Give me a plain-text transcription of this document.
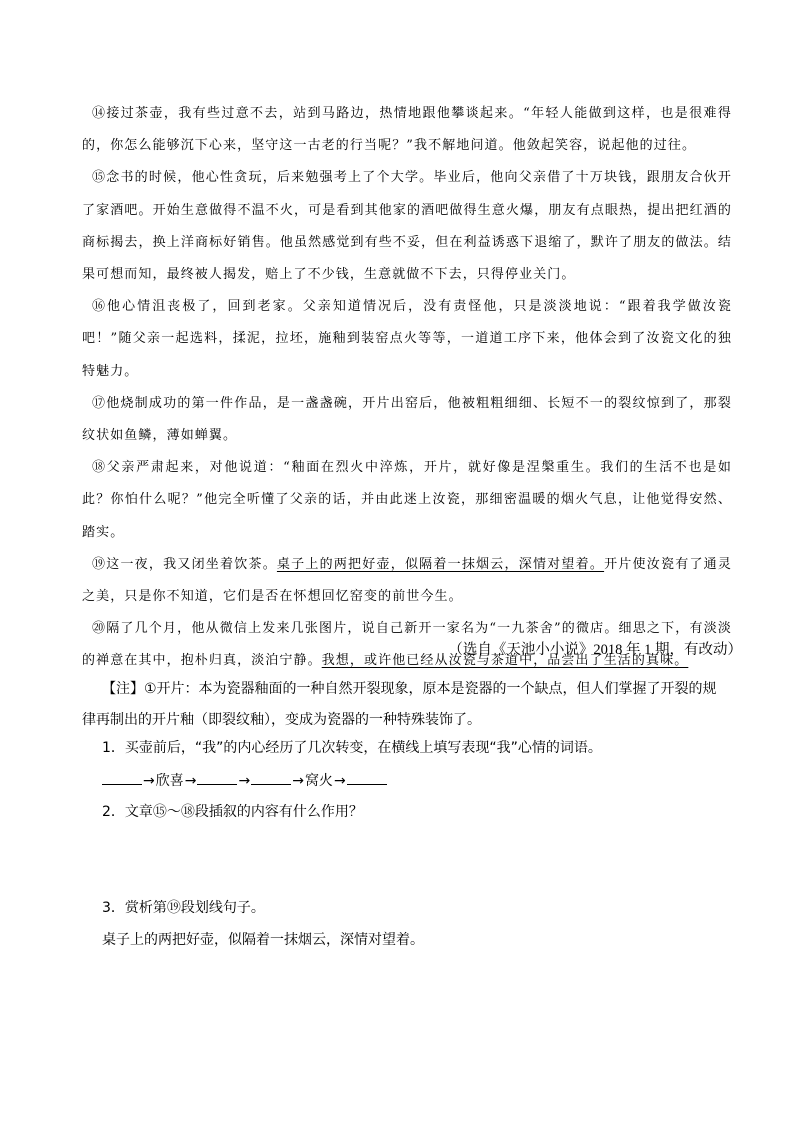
⑭接过茶壶，我有些过意不去，站到马路边，热情地跟他攀谈起来。“年轻人能做到这样，也是很难得的，你怎么能够沉下心来，坚守这一古老的行当呢？”我不解地问道。他敛起笑容，说起他的过往。

⑮念书的时候，他心性贪玩，后来勉强考上了个大学。毕业后，他向父亲借了十万块钱，跟朋友合伙开了家酒吧。开始生意做得不温不火，可是看到其他家的酒吧做得生意火爆，朋友有点眼热，提出把红酒的商标揭去，换上洋商标好销售。他虽然感觉到有些不妥，但在利益诱惑下退缩了，默许了朋友的做法。结果可想而知，最终被人揭发，赔上了不少钱，生意就做不下去，只得停业关门。

⑯他心情沮丧极了，回到老家。父亲知道情况后，没有责怪他，只是淡淡地说：“跟着我学做汝瓷吧！”随父亲一起选料，揉泥，拉坯，施釉到装窑点火等等，一道道工序下来，他体会到了汝瓷文化的独特魅力。

⑰他烧制成功的第一件作品，是一盏盏碗，开片出窑后，他被粗粗细细、长短不一的裂纹惊到了，那裂纹状如鱼鳞，薄如蝉翼。

⑱父亲严肃起来，对他说道：“釉面在烈火中淬炼，开片，就好像是涅槃重生。我们的生活不也是如此？你怕什么呢？”他完全听懂了父亲的话，并由此迷上汝瓷，那细密温暖的烟火气息，让他觉得安然、踏实。

⑲这一夜，我又闭坐着饮茶。桌子上的两把好壶，似隔着一抹烟云，深情对望着。开片使汝瓷有了通灵之美，只是你不知道，它们是否在怀想回忆窑变的前世今生。

⑳隔了几个月，他从微信上发来几张图片，说自己新开一家名为“一九茶舍”的微店。细思之下，有淡淡的禅意在其中，抱朴归真，淡泊宁静。我想，或许他已经从汝瓷与茶道中，品尝出了生活的真味。

（选自《天池小小说》2018 年 1 期，有改动）

【注】①开片：本为瓷器釉面的一种自然开裂现象，原本是瓷器的一个缺点，但人们掌握了开裂的规
律再制出的开片釉（即裂纹釉），变成为瓷器的一种特殊装饰了。

1．买壶前后，“我”的内心经历了几次转变，在横线上填写表现“我”心情的词语。
→欣喜→	→	→窝火→
2．文章⑮～⑱段插叙的内容有什么作用？
3．赏析第⑲段划线句子。
桌子上的两把好壶，似隔着一抹烟云，深情对望着。
